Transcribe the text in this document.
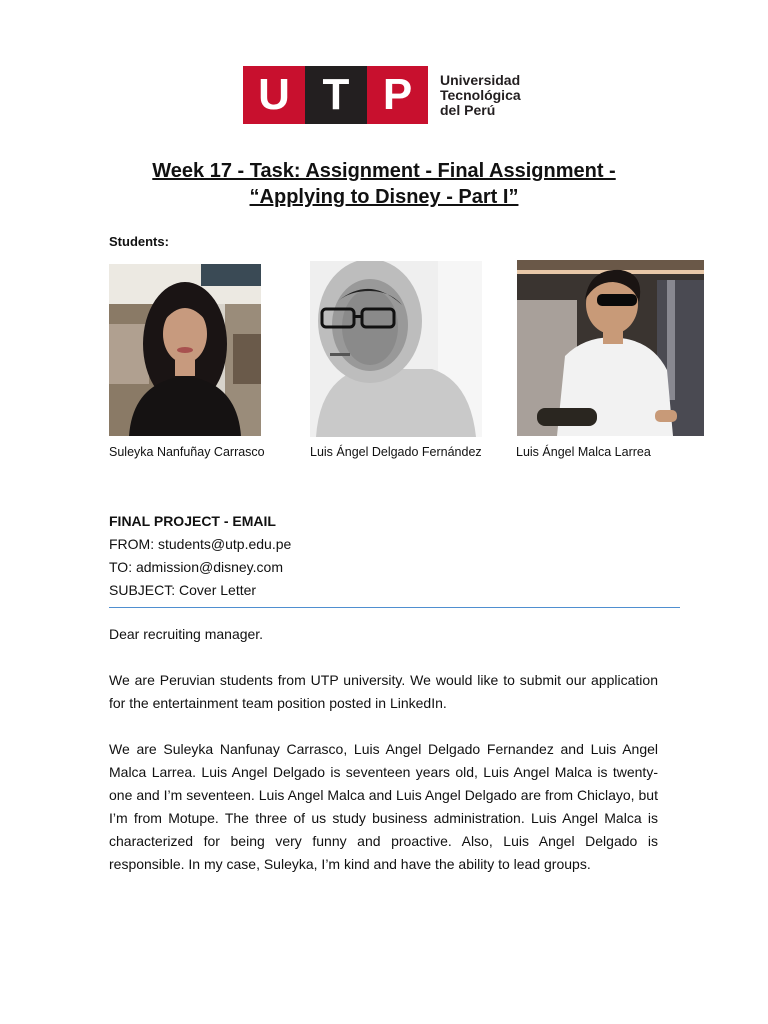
U T P	Universidad
Tecnológica
del Perú
Week 17 - Task: Assignment - Final Assignment -
“Applying to Disney - Part I”
Students:
Suleyka Nanfuñay Carrasco	Luis Ángel Delgado Fernández	Luis Ángel Malca Larrea
FINAL PROJECT - EMAIL
FROM: students@utp.edu.pe
TO: admission@disney.com
SUBJECT: Cover Letter

Dear recruiting manager.

We are Peruvian students from UTP university. We would like to submit our application for the entertainment team position posted in LinkedIn.

We are Suleyka Nanfunay Carrasco, Luis Angel Delgado Fernandez and Luis Angel Malca Larrea. Luis Angel Delgado is seventeen years old, Luis Angel Malca is twenty-one and I’m seventeen. Luis Angel Malca and Luis Angel Delgado are from Chiclayo, but I’m from Motupe. The three of us study business administration. Luis Angel Malca is characterized for being very funny and proactive. Also, Luis Angel Delgado is responsible. In my case, Suleyka, I’m kind and have the ability to lead groups.
